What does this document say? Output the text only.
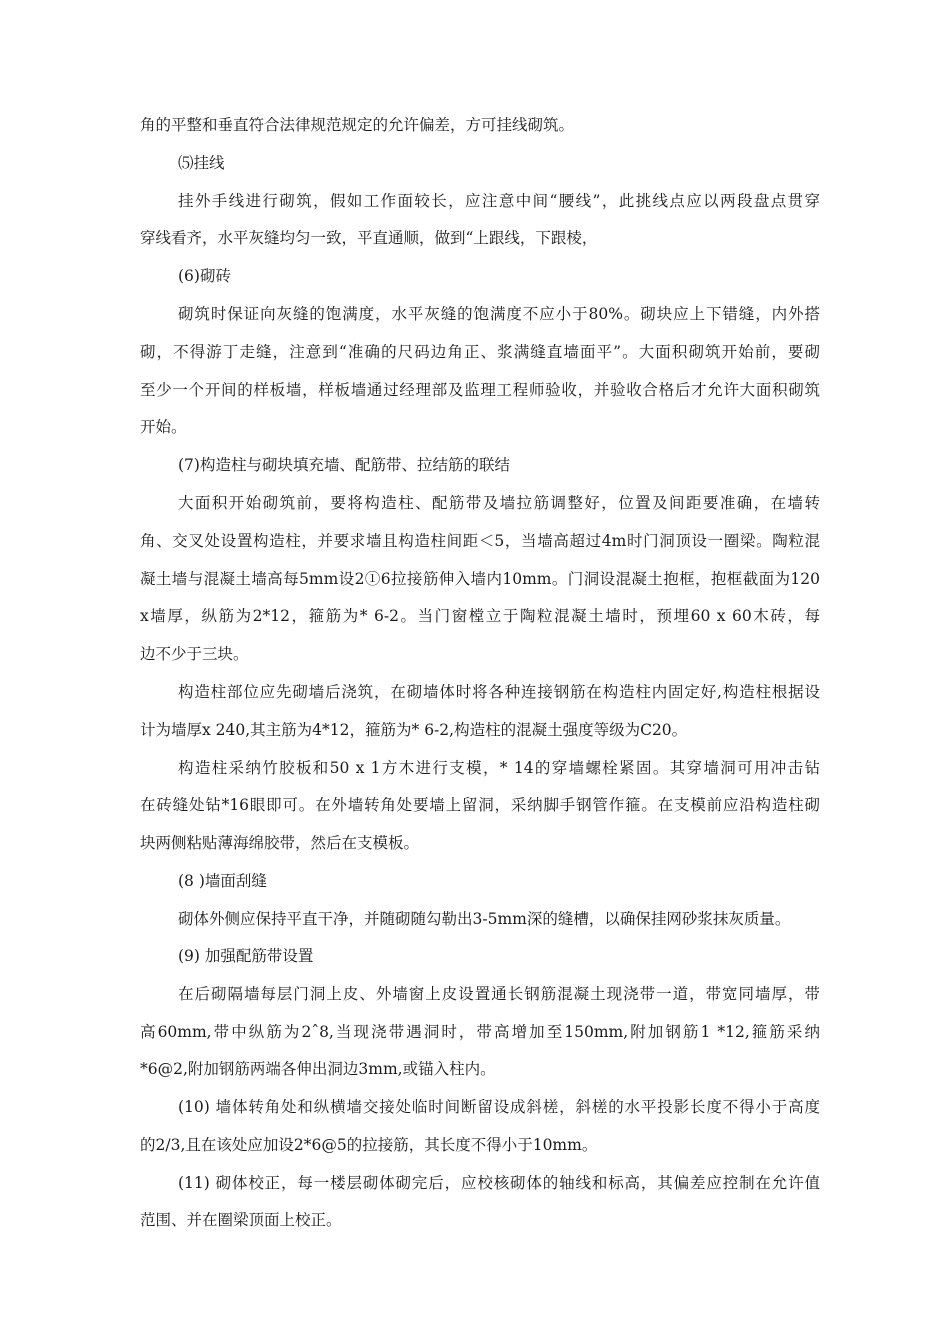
角的平整和垂直符合法律规范规定的允许偏差，方可挂线砌筑。
⑸挂线
挂外手线进行砌筑，假如工作面较长，应注意中间“腰线”，此挑线点应以两段盘点贯穿
穿线看齐，水平灰缝均匀一致，平直通顺，做到“上跟线，下跟棱，
(6)砌砖
砌筑时保证向灰缝的饱满度，水平灰缝的饱满度不应小于80%。砌块应上下错缝，内外搭
砌，不得游丁走缝，注意到“准确的尺码边角正、浆满缝直墙面平”。大面积砌筑开始前，要砌
至少一个开间的样板墙，样板墙通过经理部及监理工程师验收，并验收合格后才允许大面积砌筑
开始。
(7)构造柱与砌块填充墙、配筋带、拉结筋的联结
大面积开始砌筑前，要将构造柱、配筋带及墙拉筋调整好，位置及间距要准确，在墙转
角、交叉处设置构造柱，并要求墙且构造柱间距＜5，当墙高超过4m时门洞顶设一圈梁。陶粒混
凝土墙与混凝土墙高每5mm设2①6拉接筋伸入墙内10mm。门洞设混凝土抱框，抱框截面为120
x墙厚，纵筋为2*12，箍筋为* 6-2。当门窗樘立于陶粒混凝土墙时，预埋60 x 60木砖，每
边不少于三块。
构造柱部位应先砌墙后浇筑，在砌墙体时将各种连接钢筋在构造柱内固定好,构造柱根据设
计为墙厚x 240,其主筋为4*12，箍筋为* 6-2,构造柱的混凝土强度等级为C20。
构造柱采纳竹胶板和50 x 1方木进行支模，* 14的穿墙螺栓紧固。其穿墙洞可用冲击钻
在砖缝处钻*16眼即可。在外墙转角处要墙上留洞，采纳脚手钢管作箍。在支模前应沿构造柱砌
块两侧粘贴薄海绵胶带，然后在支模板。
(8 )墙面刮缝
砌体外侧应保持平直干净，并随砌随勾勒出3-5mm深的缝槽，以确保挂网砂浆抹灰质量。
(9) 加强配筋带设置
在后砌隔墙每层门洞上皮、外墙窗上皮设置通长钢筋混凝土现浇带一道，带宽同墙厚，带
高60mm,带中纵筋为2ˆ8,当现浇带遇洞时，带高增加至150mm,附加钢筋1 *12,箍筋采纳
*6@2,附加钢筋两端各伸出洞边3mm,或锚入柱内。
(10) 墙体转角处和纵横墙交接处临时间断留设成斜槎，斜槎的水平投影长度不得小于高度
的2/3,且在该处应加设2*6@5的拉接筋，其长度不得小于10mm。
(11) 砌体校正，每一楼层砌体砌完后，应校核砌体的轴线和标高，其偏差应控制在允许值
范围、并在圈梁顶面上校正。
